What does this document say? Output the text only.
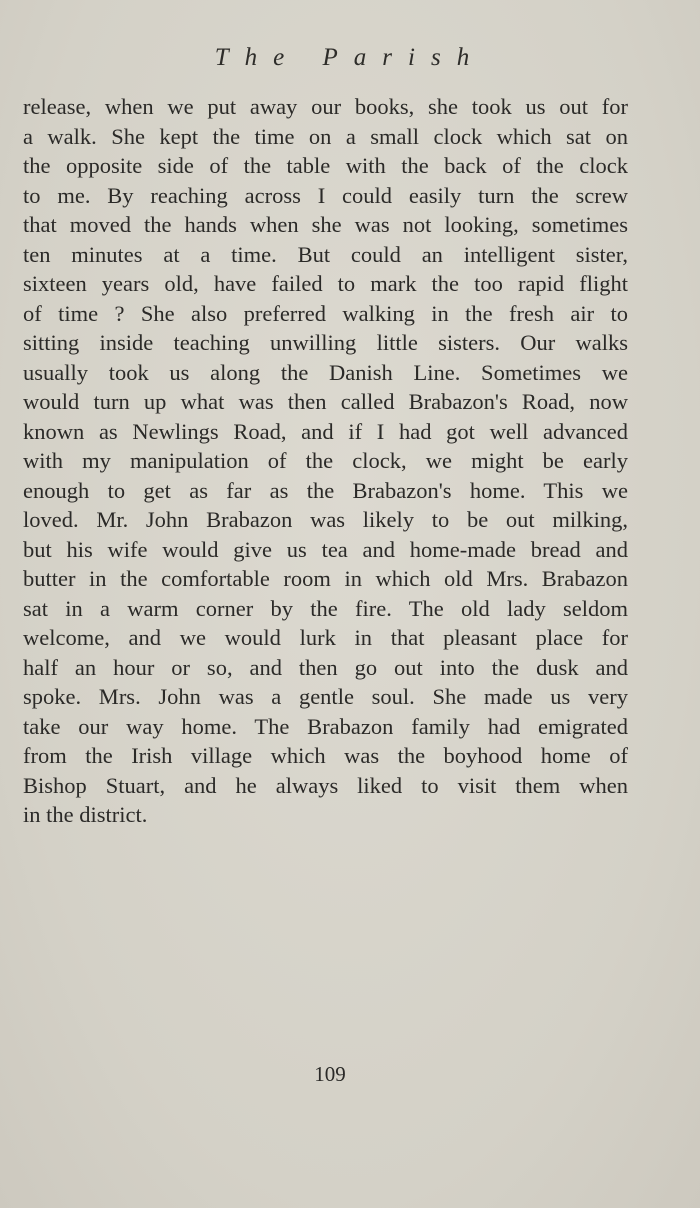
The Parish
release, when we put away our books, she took us out for
a walk. She kept the time on a small clock which sat on
the opposite side of the table with the back of the clock
to me. By reaching across I could easily turn the screw
that moved the hands when she was not looking, sometimes
ten minutes at a time. But could an intelligent sister,
sixteen years old, have failed to mark the too rapid flight
of time ? She also preferred walking in the fresh air to
sitting inside teaching unwilling little sisters. Our walks
usually took us along the Danish Line. Sometimes we
would turn up what was then called Brabazon's Road, now
known as Newlings Road, and if I had got well advanced
with my manipulation of the clock, we might be early
enough to get as far as the Brabazon's home. This we
loved. Mr. John Brabazon was likely to be out milking,
but his wife would give us tea and home-made bread and
butter in the comfortable room in which old Mrs. Brabazon
sat in a warm corner by the fire. The old lady seldom
welcome, and we would lurk in that pleasant place for
half an hour or so, and then go out into the dusk and
spoke. Mrs. John was a gentle soul. She made us very
take our way home. The Brabazon family had emigrated
from the Irish village which was the boyhood home of
Bishop Stuart, and he always liked to visit them when
in the district.
109
